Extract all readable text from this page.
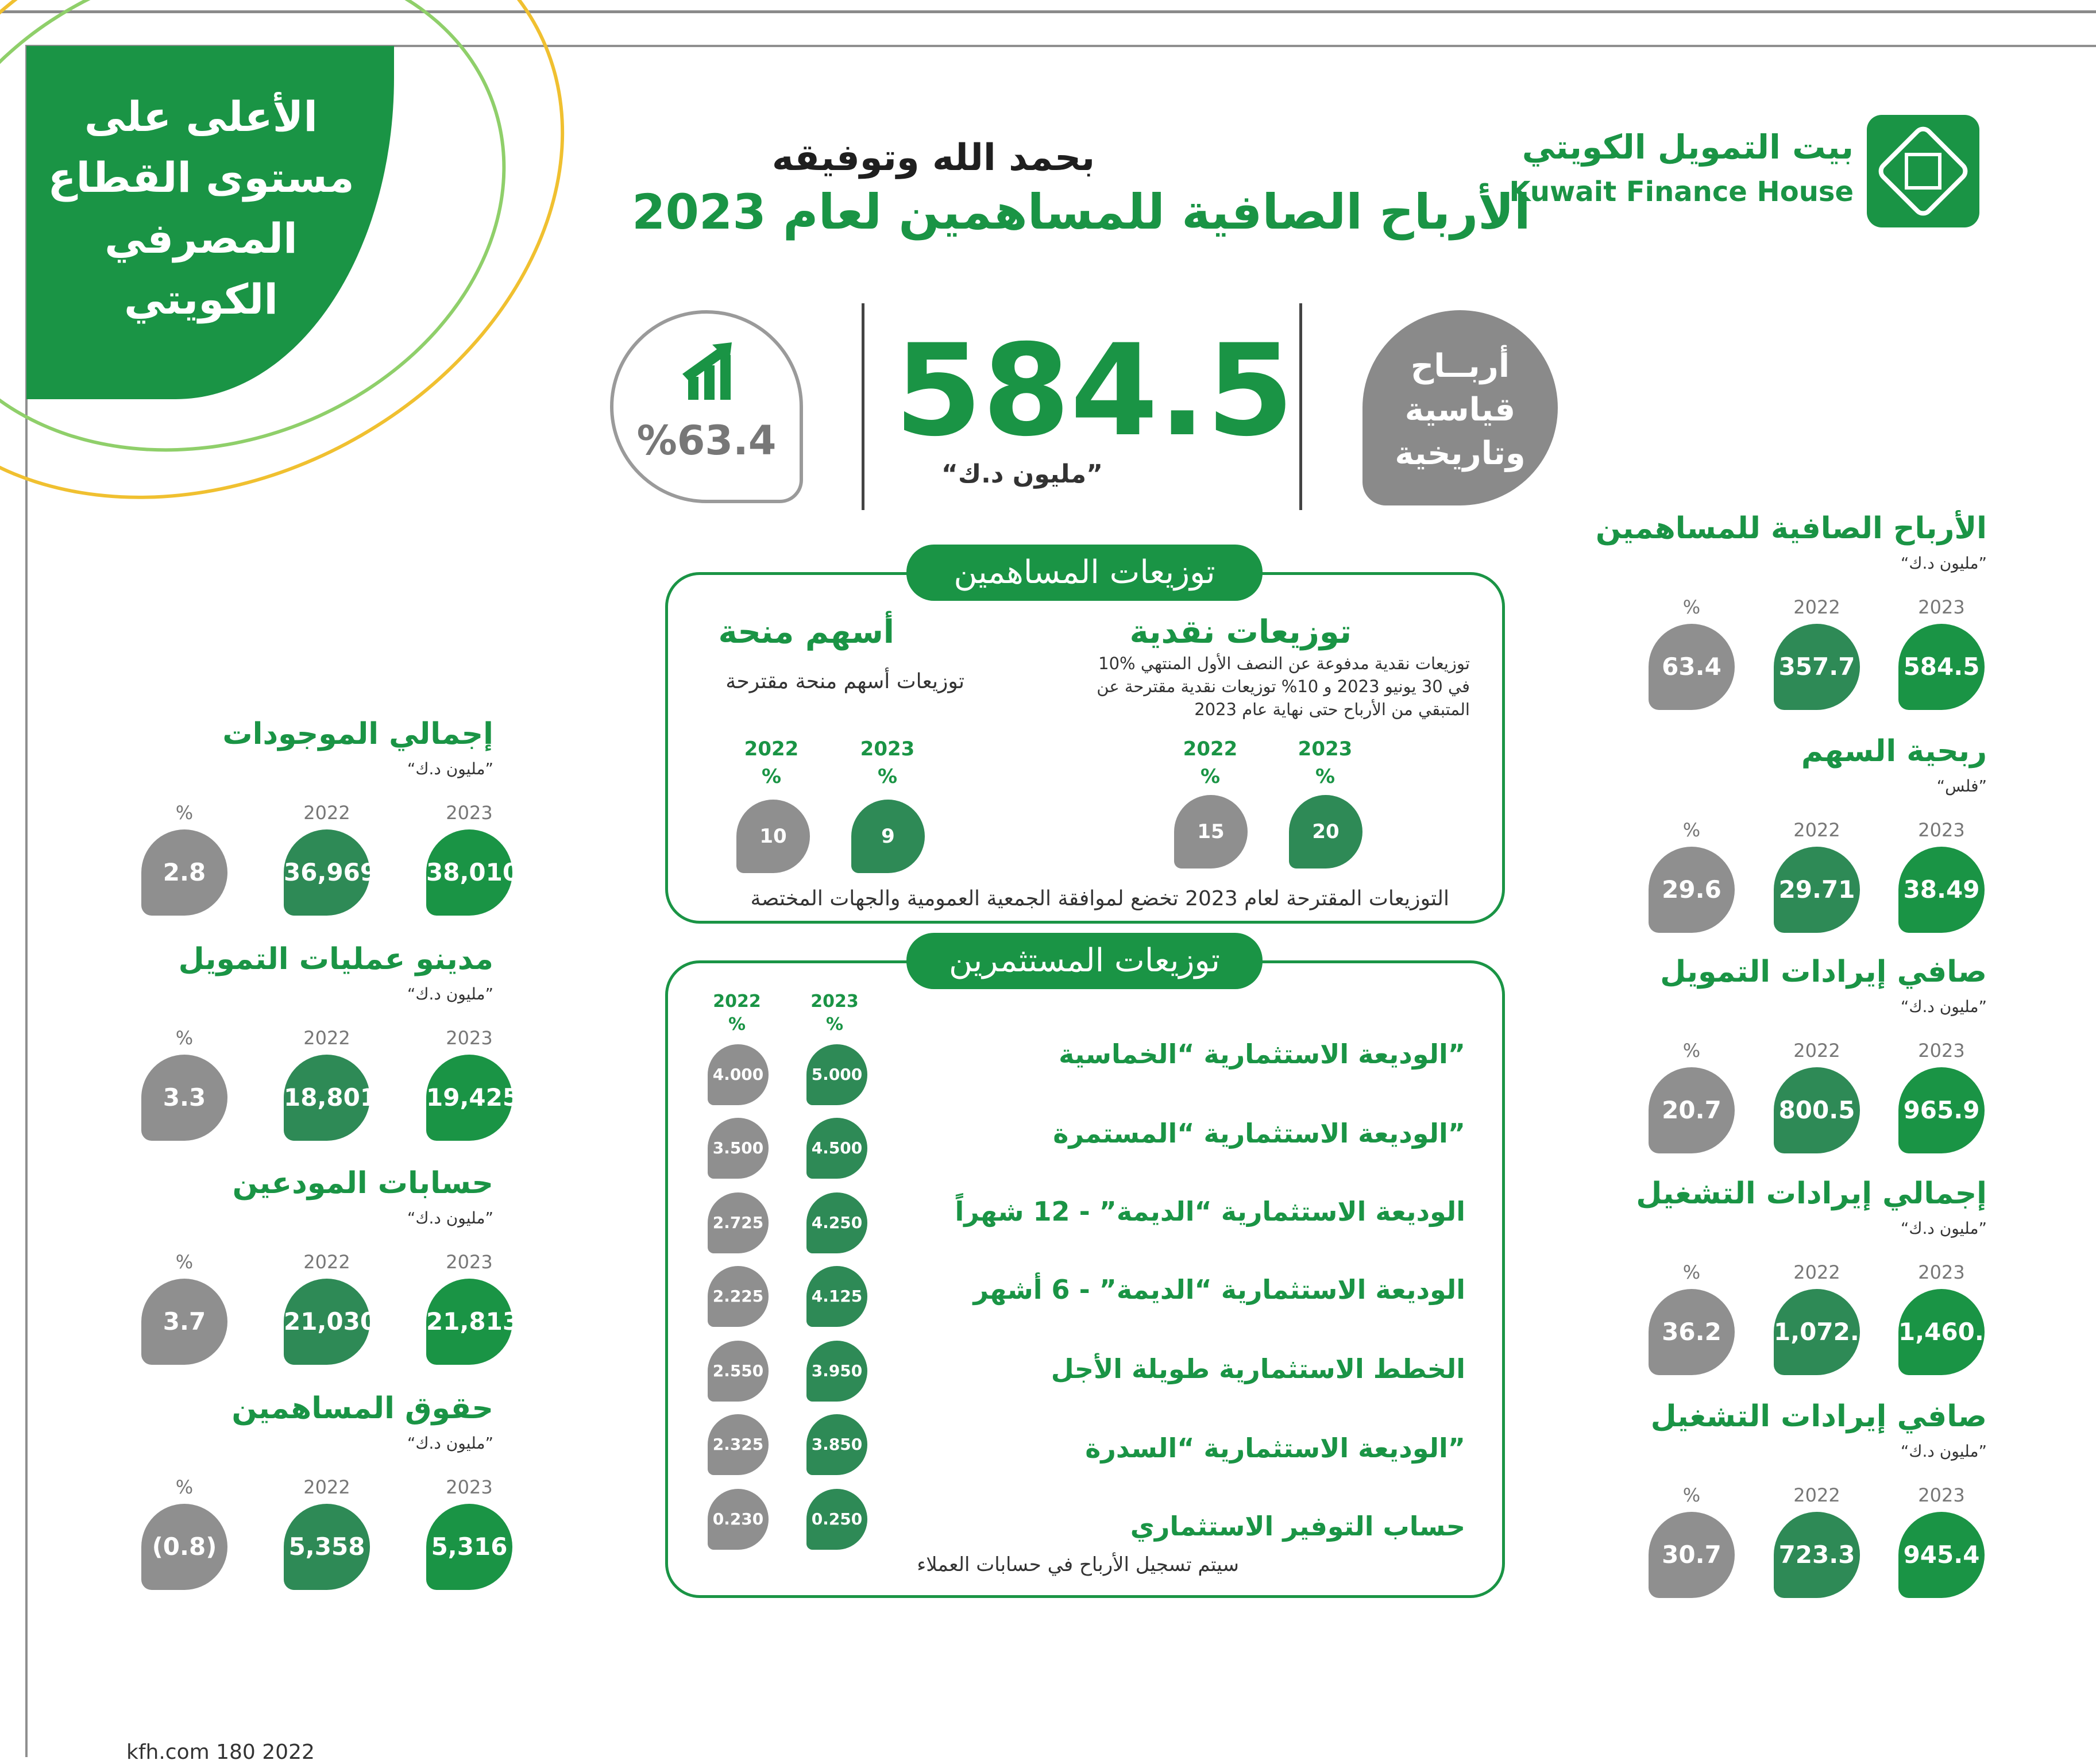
الأعلى على
مستوى القطاع
المصرفي
الكويتي
بحمد الله وتوفيقه
الأرباح الصافية للمساهمين لعام 2023
بيت التمويل الكويتي
Kuwait Finance House
أربــاح
قياسية
وتاريخية
584.5
“مليون د.ك”
%63.4
توزيعات المساهمين
توزيعات نقدية
10% توزيعات نقدية مدفوعة عن النصف الأول المنتهي
في 30 يونيو 2023 و 10% توزيعات نقدية مقترحة عن
المتبقي من الأرباح حتى نهاية عام 2023
أسهم منحة
توزيعات أسهم منحة مقترحة
2023
%
2022
%
20
15
2023
%
2022
%
9
10
التوزيعات المقترحة لعام 2023 تخضع لموافقة الجمعية العمومية والجهات المختصة
توزيعات المستثمرين
2023
%
2022
%
الوديعة الاستثمارية “الخماسية”
5.000
4.000
الوديعة الاستثمارية “المستمرة”
4.500
3.500
الوديعة الاستثمارية “الديمة” - 12 شهراً
4.250
2.725
الوديعة الاستثمارية “الديمة” - 6 أشهر
4.125
2.225
الخطط الاستثمارية طويلة الأجل
3.950
2.550
الوديعة الاستثمارية “السدرة”
3.850
2.325
حساب التوفير الاستثماري
0.250
0.230
سيتم تسجيل الأرباح في حسابات العملاء
الأرباح الصافية للمساهمين
“مليون د.ك”
2023
2022
%
584.5
357.7
63.4
ربحية السهم
“فلس”
2023
2022
%
38.49
29.71
29.6
صافي إيرادات التمويل
“مليون د.ك”
2023
2022
%
965.9
800.5
20.7
إجمالي إيرادات التشغيل
“مليون د.ك”
2023
2022
%
1,460.9
1,072.3
36.2
صافي إيرادات التشغيل
“مليون د.ك”
2023
2022
%
945.4
723.3
30.7
إجمالي الموجودات
“مليون د.ك”
2023
2022
%
38,010
36,969
2.8
مدينو عمليات التمويل
“مليون د.ك”
2023
2022
%
19,425
18,801
3.3
حسابات المودعين
“مليون د.ك”
2023
2022
%
21,813
21,030
3.7
حقوق المساهمين
“مليون د.ك”
2023
2022
%
5,316
5,358
(0.8)
kfh.com 180 2022
